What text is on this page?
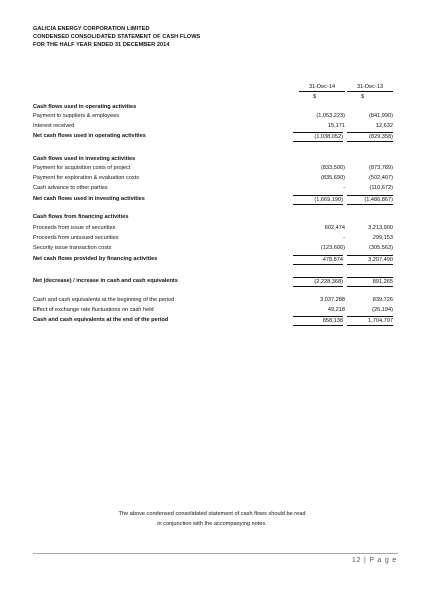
GALICIA ENERGY CORPORATION LIMITED
CONDENSED CONSOLIDATED STATEMENT OF CASH FLOWS
FOR THE HALF YEAR ENDED 31 DECEMBER 2014
31-Dec-14
$
31-Dec-13
$
Cash flows used in operating activities
Payment to suppliers & employees	(1,053,223)	(841,990)
Interest received	15,171	12,632
Net cash flows used in operating activities	(1,038,052)	(829,358)
Cash flows used in investing activities
Payment for acquisition costs of project	(833,500)	(873,789)
Payment for exploration & evaluation costs	(835,690)	(502,407)
Cash advance to other parties	-	(110,672)
Net cash flows used in investing activities	(1,669,190)	(1,486,867)
Cash flows from financing activities
Proceeds from issue of securities	602,474	3,213,900
Proceeds from unissued securities	-	299,153
Security issue transaction costs	(123,600)	(305,563)
Net cash flows provided by financing activities	478,874	3,207,490
Net (decrease) / increase in cash and cash equivalents	(2,228,368)	891,265
Cash and cash equivalents at the beginning of the period	3,037,288	839,726
Effect of exchange rate fluctuations on cash held	49,218	(26,194)
Cash and cash equivalents at the end of the period	858,138	1,704,797
The above condensed consolidated statement of cash flows should be read
in conjunction with the accompanying notes.
12 | P a g e
